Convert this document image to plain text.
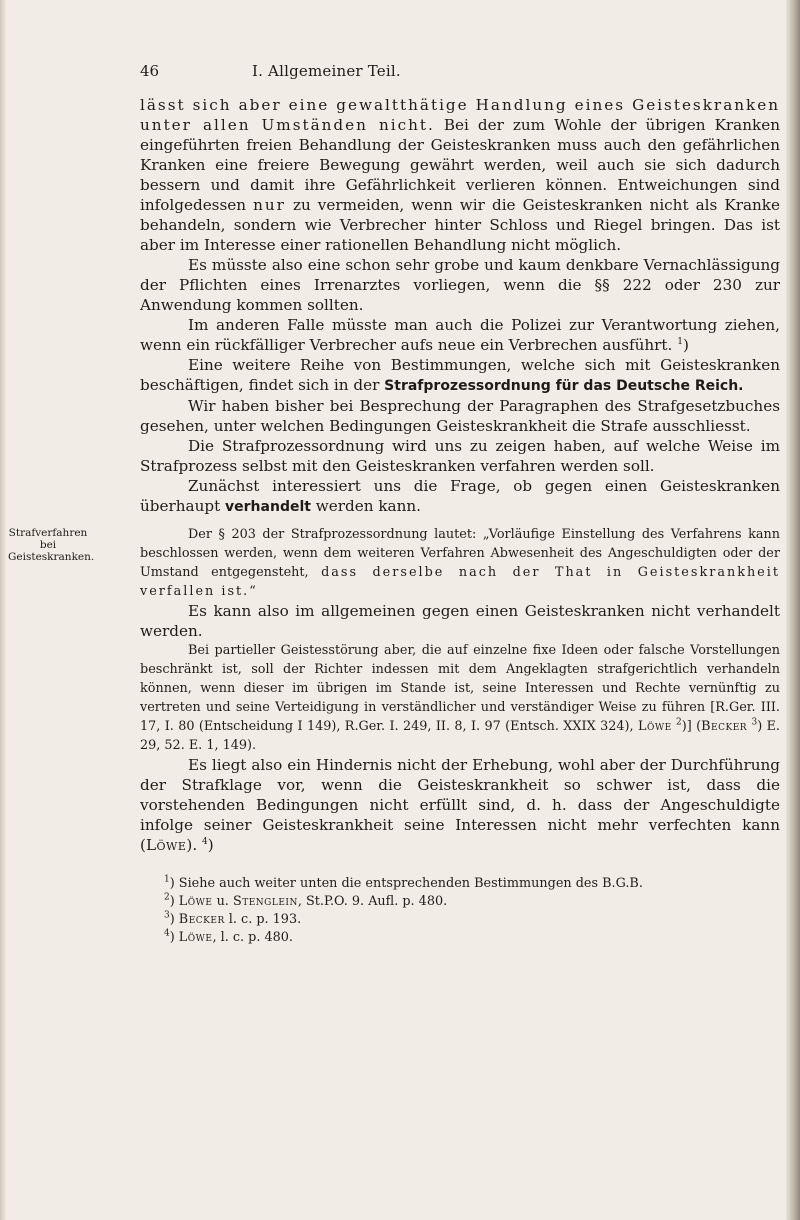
46	I. Allgemeiner Teil.

lässt sich aber eine gewaltthätige Handlung eines Geisteskranken unter allen Umständen nicht. Bei der zum Wohle der übrigen Kranken eingeführten freien Behandlung der Geisteskranken muss auch den gefährlichen Kranken eine freiere Bewegung gewährt werden, weil auch sie sich dadurch bessern und damit ihre Gefährlichkeit verlieren können. Entweichungen sind infolgedessen nur zu vermeiden, wenn wir die Geisteskranken nicht als Kranke behandeln, sondern wie Verbrecher hinter Schloss und Riegel bringen. Das ist aber im Interesse einer rationellen Behandlung nicht möglich.

Es müsste also eine schon sehr grobe und kaum denkbare Vernachlässigung der Pflichten eines Irrenarztes vorliegen, wenn die §§ 222 oder 230 zur Anwendung kommen sollten.

Im anderen Falle müsste man auch die Polizei zur Verantwortung ziehen, wenn ein rückfälliger Verbrecher aufs neue ein Verbrechen ausführt. $^1$)

Eine weitere Reihe von Bestimmungen, welche sich mit Geisteskranken beschäftigen, findet sich in der Strafprozessordnung für das Deutsche Reich.

Wir haben bisher bei Besprechung der Paragraphen des Strafgesetzbuches gesehen, unter welchen Bedingungen Geisteskrankheit die Strafe ausschliesst.

Die Strafprozessordnung wird uns zu zeigen haben, auf welche Weise im Strafprozess selbst mit den Geisteskranken verfahren werden soll.

Zunächst interessiert uns die Frage, ob gegen einen Geisteskranken überhaupt verhandelt werden kann.

Strafverfahren bei Geisteskranken.

Der § 203 der Strafprozessordnung lautet: „Vorläufige Einstellung des Verfahrens kann beschlossen werden, wenn dem weiteren Verfahren Abwesenheit des Angeschuldigten oder der Umstand entgegensteht, dass derselbe nach der That in Geisteskrankheit verfallen ist.“

Es kann also im allgemeinen gegen einen Geisteskranken nicht verhandelt werden.

Bei partieller Geistesstörung aber, die auf einzelne fixe Ideen oder falsche Vorstellungen beschränkt ist, soll der Richter indessen mit dem Angeklagten strafgerichtlich verhandeln können, wenn dieser im übrigen im Stande ist, seine Interessen und Rechte vernünftig zu vertreten und seine Verteidigung in verständlicher und verständiger Weise zu führen [R.Ger. III. 17, I. 80 (Entscheidung I 149), R.Ger. I. 249, II. 8, I. 97 (Entsch. XXIX 324), Löwe $^2$)] (Becker $^3$) E. 29, 52. E. 1, 149).

Es liegt also ein Hindernis nicht der Erhebung, wohl aber der Durchführung der Strafklage vor, wenn die Geisteskrankheit so schwer ist, dass die vorstehenden Bedingungen nicht erfüllt sind, d. h. dass der Angeschuldigte infolge seiner Geisteskrankheit seine Interessen nicht mehr verfechten kann (Löwe). $^4$)

$^1$) Siehe auch weiter unten die entsprechenden Bestimmungen des B.G.B.

$^2$) Löwe u. Stenglein, St.P.O. 9. Aufl. p. 480.

$^3$) Becker l. c. p. 193.

$^4$) Löwe, l. c. p. 480.
